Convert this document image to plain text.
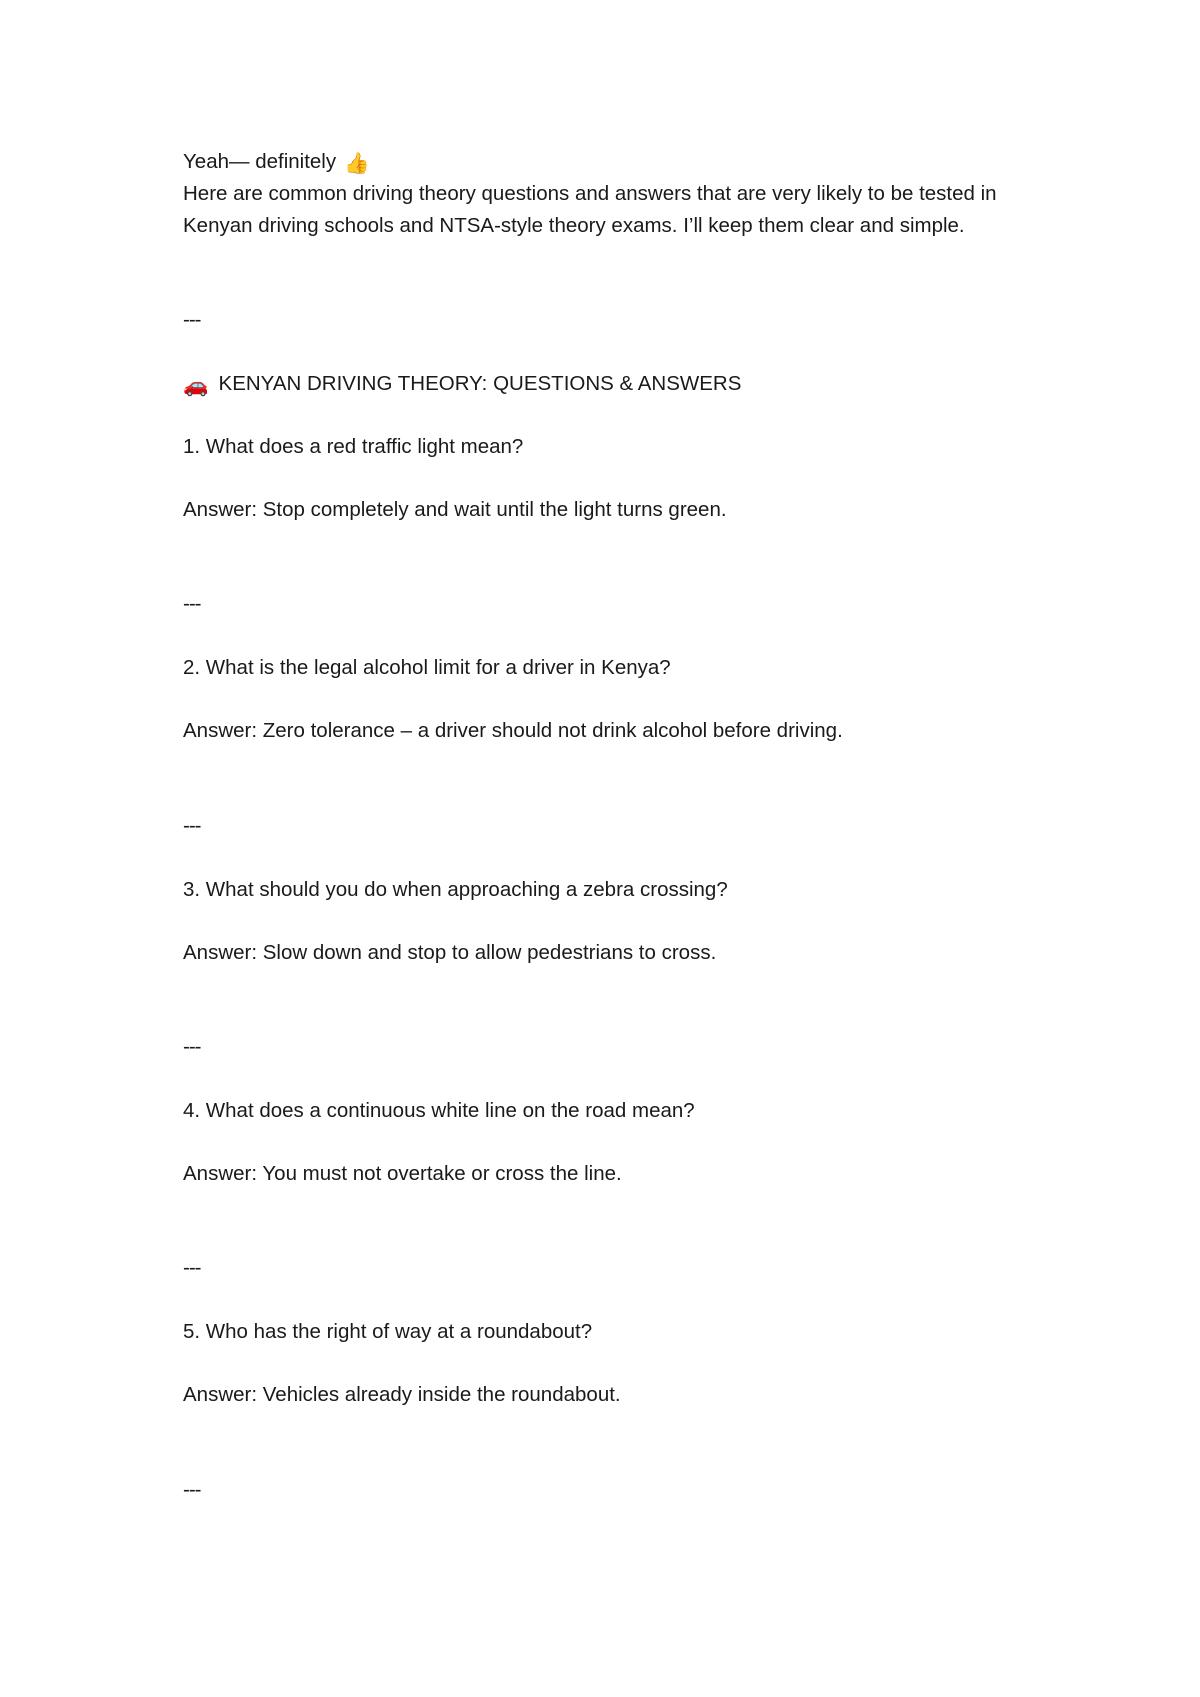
Yeah— definitely 👍
Here are common driving theory questions and answers that are very likely to be tested in
Kenyan driving schools and NTSA-style theory exams. I’ll keep them clear and simple.
---
🚗 KENYAN DRIVING THEORY: QUESTIONS & ANSWERS
1. What does a red traffic light mean?
Answer: Stop completely and wait until the light turns green.
---
2. What is the legal alcohol limit for a driver in Kenya?
Answer: Zero tolerance – a driver should not drink alcohol before driving.
---
3. What should you do when approaching a zebra crossing?
Answer: Slow down and stop to allow pedestrians to cross.
---
4. What does a continuous white line on the road mean?
Answer: You must not overtake or cross the line.
---
5. Who has the right of way at a roundabout?
Answer: Vehicles already inside the roundabout.
---
